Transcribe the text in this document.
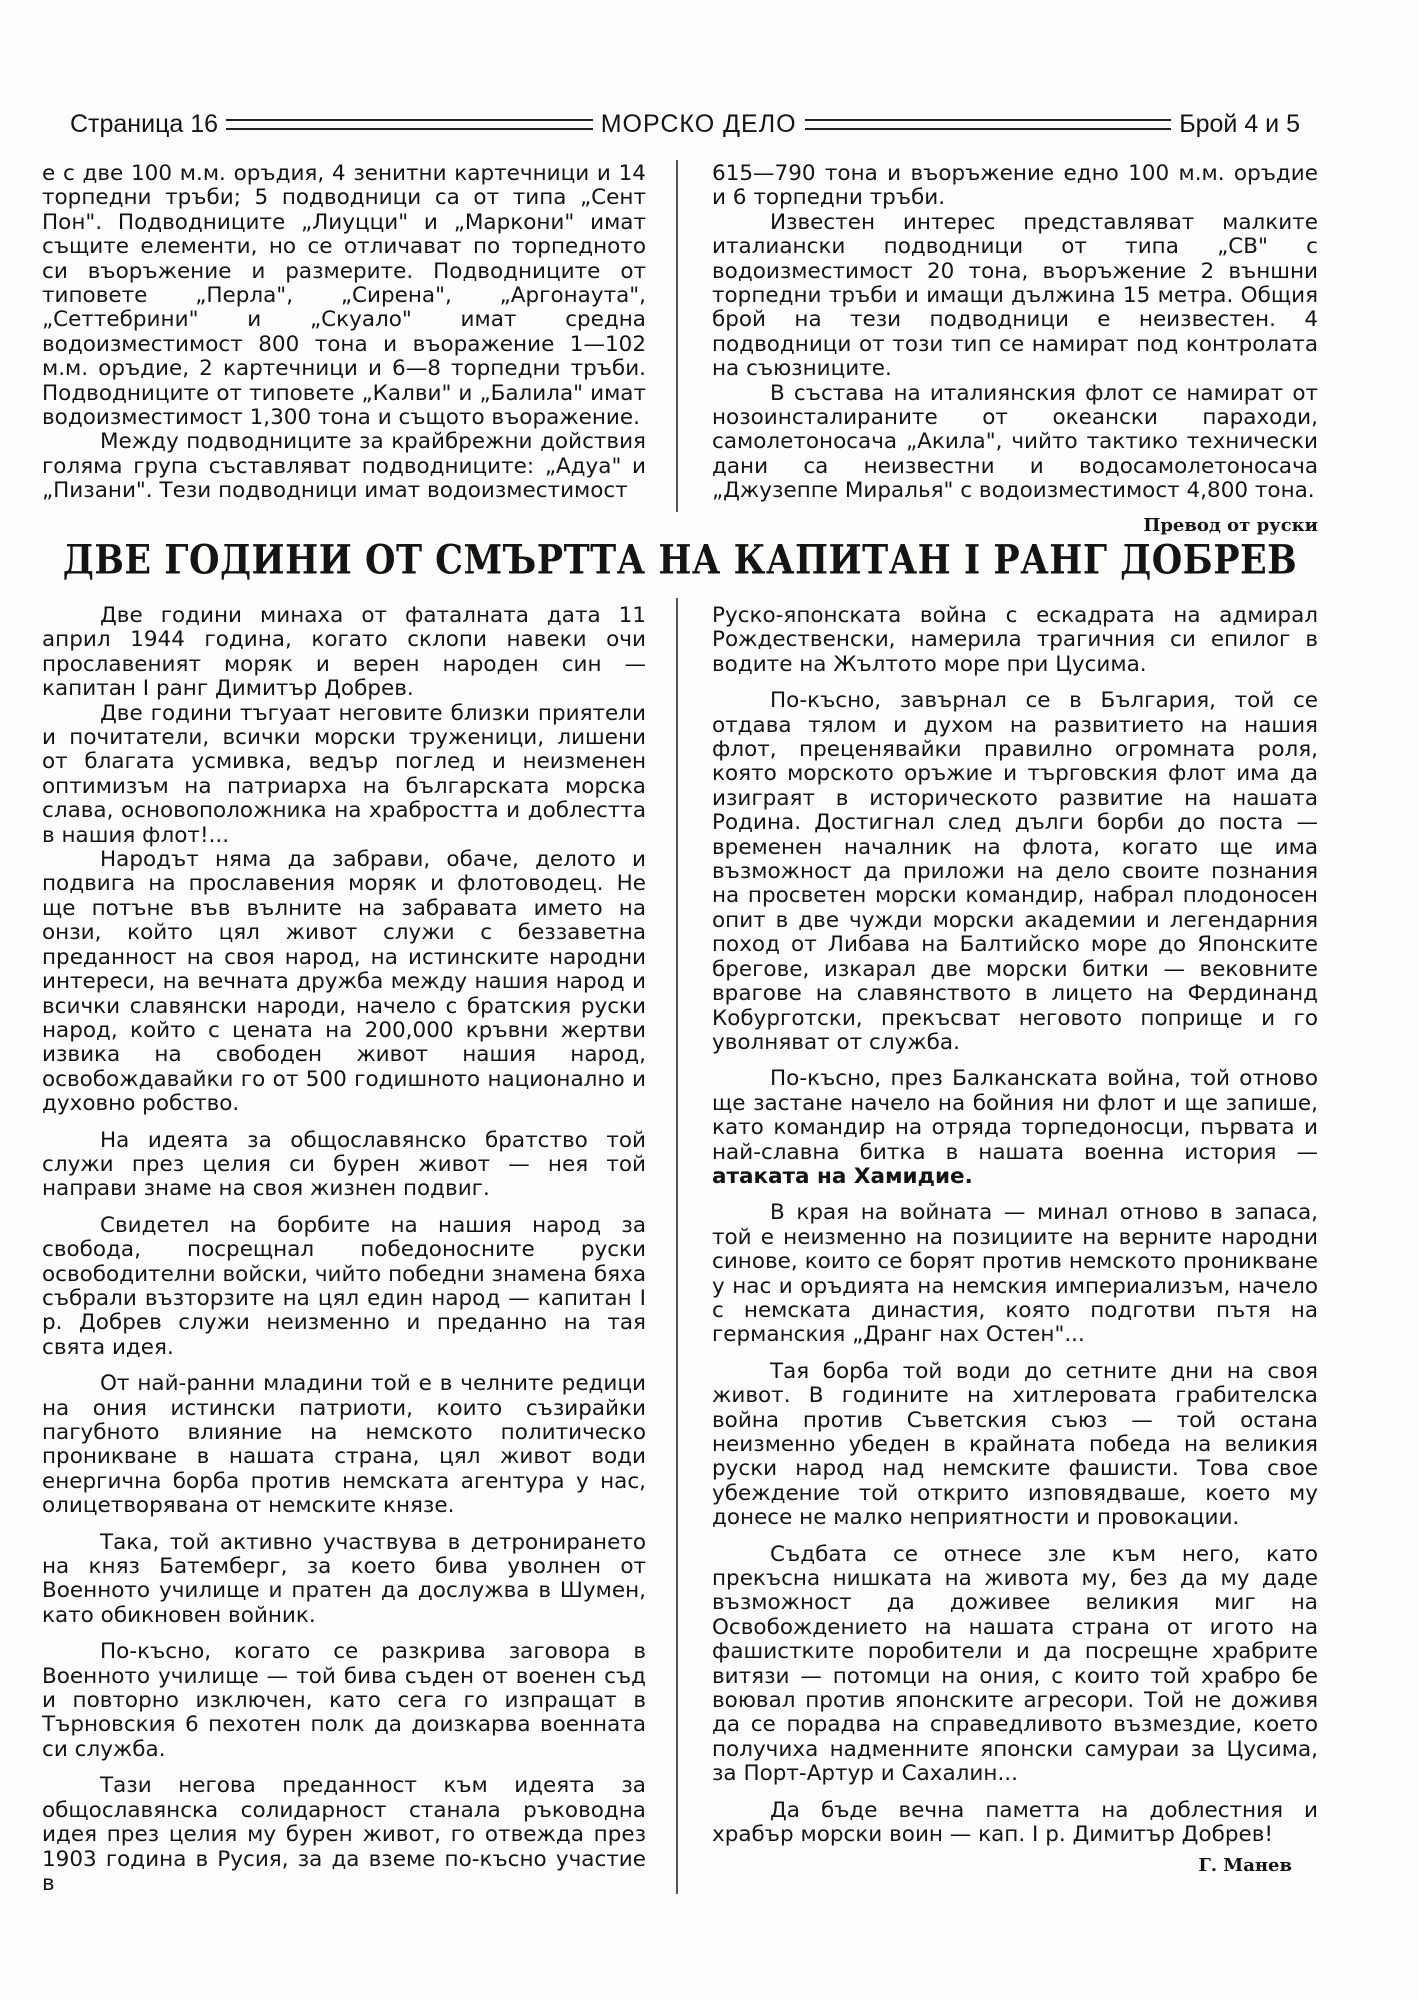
Страница 16	МОРСКО ДЕЛО	Брой 4 и 5

е с две 100 м.м. оръдия, 4 зенитни картечници и 14 торпедни тръби; 5 подводници са от типа „Сент Пон". Подводниците „Лиуцци" и „Маркони" имат същите елементи, но се отличават по торпедното си въоръжение и размерите. Подводниците от типовете „Перла", „Сирена", „Аргонаута", „Сеттебрини" и „Скуало" имат средна водоизместимост 800 тона и въоражение 1—102 м.м. оръдие, 2 картечници и 6—8 торпедни тръби. Подводниците от типовете „Калви" и „Балила" имат водоизместимост 1,300 тона и същото въоражение.

Между подводниците за крайбрежни дойствия голяма група съставляват подводниците: „Адуа" и „Пизани". Тези подводници имат водоизместимост

615—790 тона и въоръжение едно 100 м.м. оръдие и 6 торпедни тръби.

Известен интерес представляват малките италиански подводници от типа „СВ" с водоизместимост 20 тона, въоръжение 2 външни торпедни тръби и имащи дължина 15 метра. Общия брой на тези подводници е неизвестен. 4 подводници от този тип се намират под контролата на съюзниците.

В състава на италиянския флот се намират от нозоинсталираните от океански параходи, самолетоносача „Акила", чийто тактико технически дани са неизвестни и водосамолетоносача „Джузеппе Миралья" с водоизместимост 4,800 тона.

Превод от руски
ДВЕ ГОДИНИ ОТ СМЪРТТА НА КАПИТАН I РАНГ ДОБРЕВ

Две години минаха от фаталната дата 11 април 1944 година, когато склопи навеки очи прославеният моряк и верен народен син — капитан I ранг Димитър Добрев.

Две години тъгуаат неговите близки приятели и почитатели, всички морски труженици, лишени от благата усмивка, ведър поглед и неизменен оптимизъм на патриарха на българската морска слава, основоположника на храбростта и доблестта в нашия флот!...

Народът няма да забрави, обаче, делото и подвига на прославения моряк и флотоводец. Не ще потъне във вълните на забравата името на онзи, който цял живот служи с беззаветна преданност на своя народ, на истинските народни интереси, на вечната дружба между нашия народ и всички славянски народи, начело с братския руски народ, който с цената на 200,000 кръвни жертви извика на свободен живот нашия народ, освобождавайки го от 500 годишното национално и духовно робство.

На идеята за общославянско братство той служи през целия си бурен живот — нея той направи знаме на своя жизнен подвиг.

Свидетел на борбите на нашия народ за свобода, посрещнал победоносните руски освободителни войски, чийто победни знамена бяха събрали възторзите на цял един народ — капитан I р. Добрев служи неизменно и преданно на тая свята идея.

От най-ранни младини той е в челните редици на ония истински патриоти, които съзирайки пагубното влияние на немското политическо проникване в нашата страна, цял живот води енергична борба против немската агентура у нас, олицетворявана от немските князе.

Така, той активно участвува в детронирането на княз Батемберг, за което бива уволнен от Военното училище и пратен да дослужва в Шумен, като обикновен войник.

По-късно, когато се разкрива заговора в Военното училище — той бива съден от военен съд и повторно изключен, като сега го изпращат в Търновския 6 пехотен полк да доизкарва военната си служба.

Тази негова преданност към идеята за общославянска солидарност станала ръководна идея през целия му бурен живот, го отвежда през 1903 година в Русия, за да вземе по-късно участие в

Руско-японската война с ескадрата на адмирал Рождественски, намерила трагичния си епилог в водите на Жълтото море при Цусима.

По-късно, завърнал се в България, той се отдава тялом и духом на развитието на нашия флот, преценявайки правилно огромната роля, която морското оръжие и търговския флот има да изиграят в историческото развитие на нашата Родина. Достигнал след дълги борби до поста — временен началник на флота, когато ще има възможност да приложи на дело своите познания на просветен морски командир, набрал плодоносен опит в две чужди морски академии и легендарния поход от Либава на Балтийско море до Японските брегове, изкарал две морски битки — вековните врагове на славянството в лицето на Фердинанд Кобурготски, прекъсват неговото поприще и го уволняват от служба.

По-късно, през Балканската война, той отново ще застане начело на бойния ни флот и ще запише, като командир на отряда торпедоносци, първата и най-славна битка в нашата военна история — атаката на Хамидие.

В края на войната — минал отново в запаса, той е неизменно на позициите на верните народни синове, които се борят против немското проникване у нас и оръдията на немския империализъм, начело с немската династия, която подготви пътя на германския „Дранг нах Остен"...

Тая борба той води до сетните дни на своя живот. В годините на хитлеровата грабителска война против Съветския съюз — той остана неизменно убеден в крайната победа на великия руски народ над немските фашисти. Това свое убеждение той открито изповядваше, което му донесе не малко неприятности и провокации.

Съдбата се отнесе зле към него, като прекъсна нишката на живота му, без да му даде възможност да доживее великия миг на Освобождението на нашата страна от игото на фашистките поробители и да посрещне храбрите витязи — потомци на ония, с които той храбро бе воювал против японските агресори. Той не доживя да се порадва на справедливото възмездие, което получиха надменните японски самураи за Цусима, за Порт-Артур и Сахалин...

Да бъде вечна паметта на доблестния и храбър морски воин — кап. I р. Димитър Добрев!

Г. Манев
